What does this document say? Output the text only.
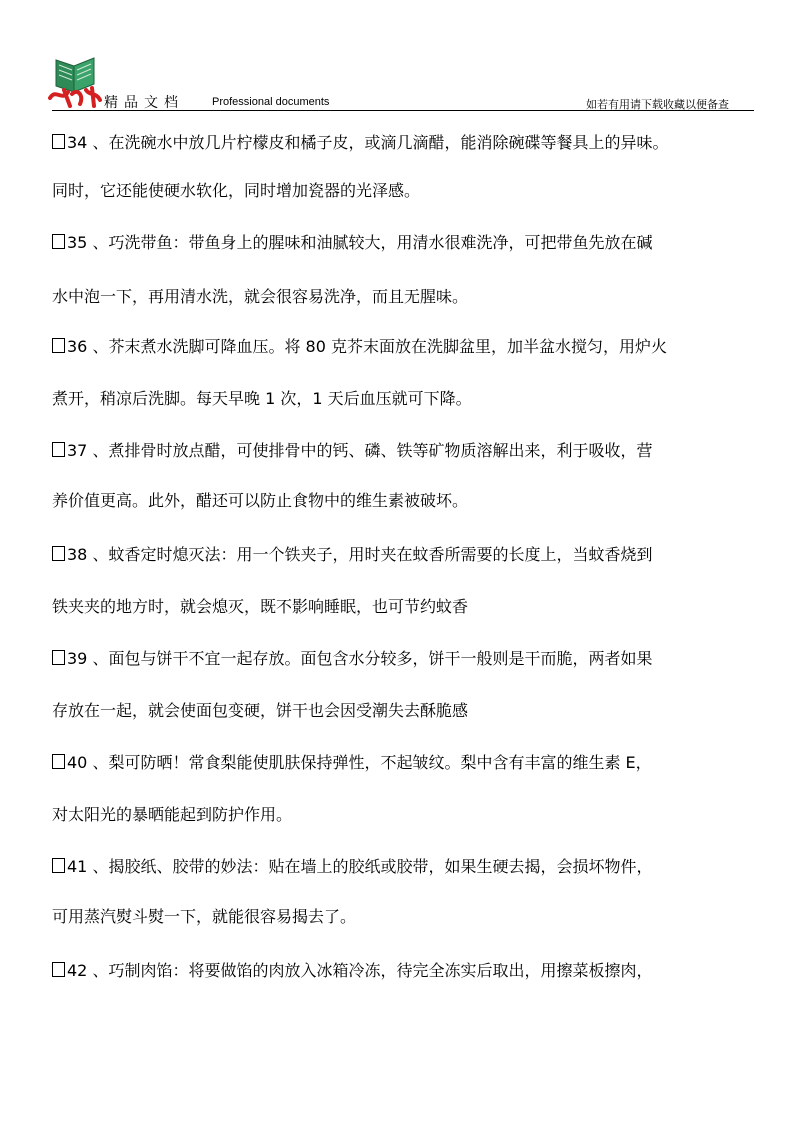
精品文档	Professional documents	如若有用请下载收藏以便备查
34 、在洗碗水中放几片柠檬皮和橘子皮，或滴几滴醋，能消除碗碟等餐具上的异味。
同时，它还能使硬水软化，同时增加瓷器的光泽感。
35 、巧洗带鱼：带鱼身上的腥味和油腻较大，用清水很难洗净，可把带鱼先放在碱
水中泡一下，再用清水洗，就会很容易洗净，而且无腥味。
36 、芥末煮水洗脚可降血压。将 80 克芥末面放在洗脚盆里，加半盆水搅匀，用炉火
煮开，稍凉后洗脚。每天早晚 1 次，1 天后血压就可下降。
37 、煮排骨时放点醋，可使排骨中的钙、磷、铁等矿物质溶解出来，利于吸收，营
养价值更高。此外，醋还可以防止食物中的维生素被破坏。
38 、蚊香定时熄灭法：用一个铁夹子，用时夹在蚊香所需要的长度上，当蚊香烧到
铁夹夹的地方时，就会熄灭，既不影响睡眠，也可节约蚊香
39 、面包与饼干不宜一起存放。面包含水分较多，饼干一般则是干而脆，两者如果
存放在一起，就会使面包变硬，饼干也会因受潮失去酥脆感
40 、梨可防晒！常食梨能使肌肤保持弹性，不起皱纹。梨中含有丰富的维生素 E，
对太阳光的暴晒能起到防护作用。
41 、揭胶纸、胶带的妙法：贴在墙上的胶纸或胶带，如果生硬去揭，会损坏物件，
可用蒸汽熨斗熨一下，就能很容易揭去了。
42 、巧制肉馅：将要做馅的肉放入冰箱冷冻，待完全冻实后取出，用擦菜板擦肉，
